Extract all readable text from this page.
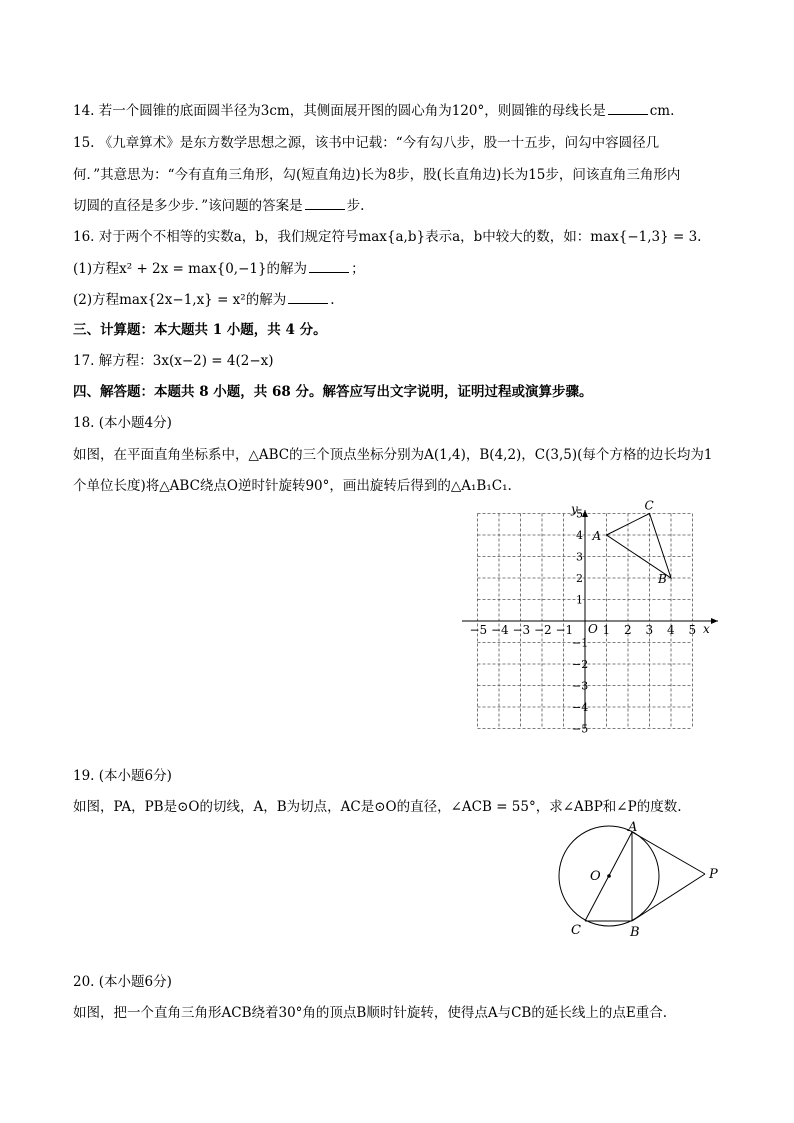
14. 若一个圆锥的底面圆半径为3cm，其侧面展开图的圆心角为120°，则圆锥的母线长是	cm.
15. 《九章算术》是东方数学思想之源，该书中记载：“今有勾八步，股一十五步，问勾中容圆径几
何．”其意思为：“今有直角三角形，勾(短直角边)长为8步，股(长直角边)长为15步，问该直角三角形内
切圆的直径是多少步．”该问题的答案是	步.
16. 对于两个不相等的实数a，b，我们规定符号max{a,b}表示a，b中较大的数，如：max{−1,3} = 3.
(1)方程x² + 2x = max{0,−1}的解为	；
(2)方程max{2x−1,x} = x²的解为	.
三、计算题：本大题共 1 小题，共 4 分。
17. 解方程：3x(x−2) = 4(2−x)
四、解答题：本题共 8 小题，共 68 分。解答应写出文字说明，证明过程或演算步骤。
18. (本小题4分)
如图，在平面直角坐标系中，△ABC的三个顶点坐标分别为A(1,4)，B(4,2)，C(3,5)(每个方格的边长均为1
个单位长度)将△ABC绕点O逆时针旋转90°，画出旋转后得到的△A₁B₁C₁.
x
y
O
−5 −4 −3 −2 −1 1 2 3 4 5
5
4
3
2
1
−1
−2
−3
−4
−5
A
B
C
19. (本小题6分)
如图，PA，PB是⊙O的切线，A，B为切点，AC是⊙O的直径，∠ACB = 55°，求∠ABP和∠P的度数.
A
O	P
C	B
20. (本小题6分)
如图，把一个直角三角形ACB绕着30°角的顶点B顺时针旋转，使得点A与CB的延长线上的点E重合.
